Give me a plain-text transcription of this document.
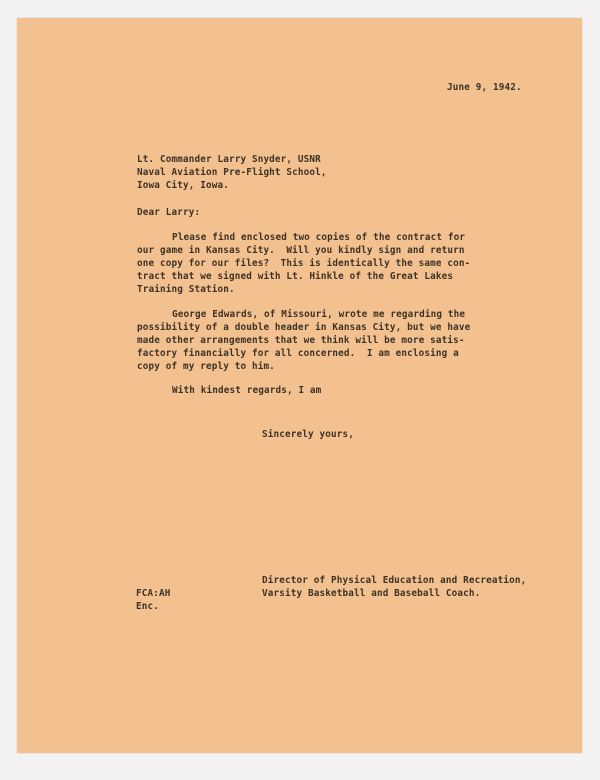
June 9, 1942.
Lt. Commander Larry Snyder, USNR
Naval Aviation Pre-Flight School,
Iowa City, Iowa.
Dear Larry:
Please find enclosed two copies of the contract for
our game in Kansas City.  Will you kindly sign and return
one copy for our files?  This is identically the same con-
tract that we signed with Lt. Hinkle of the Great Lakes
Training Station.
George Edwards, of Missouri, wrote me regarding the
possibility of a double header in Kansas City, but we have
made other arrangements that we think will be more satis-
factory financially for all concerned.  I am enclosing a
copy of my reply to him.
With kindest regards, I am
Sincerely yours,
Director of Physical Education and Recreation,
Varsity Basketball and Baseball Coach.
FCA:AH
Enc.
